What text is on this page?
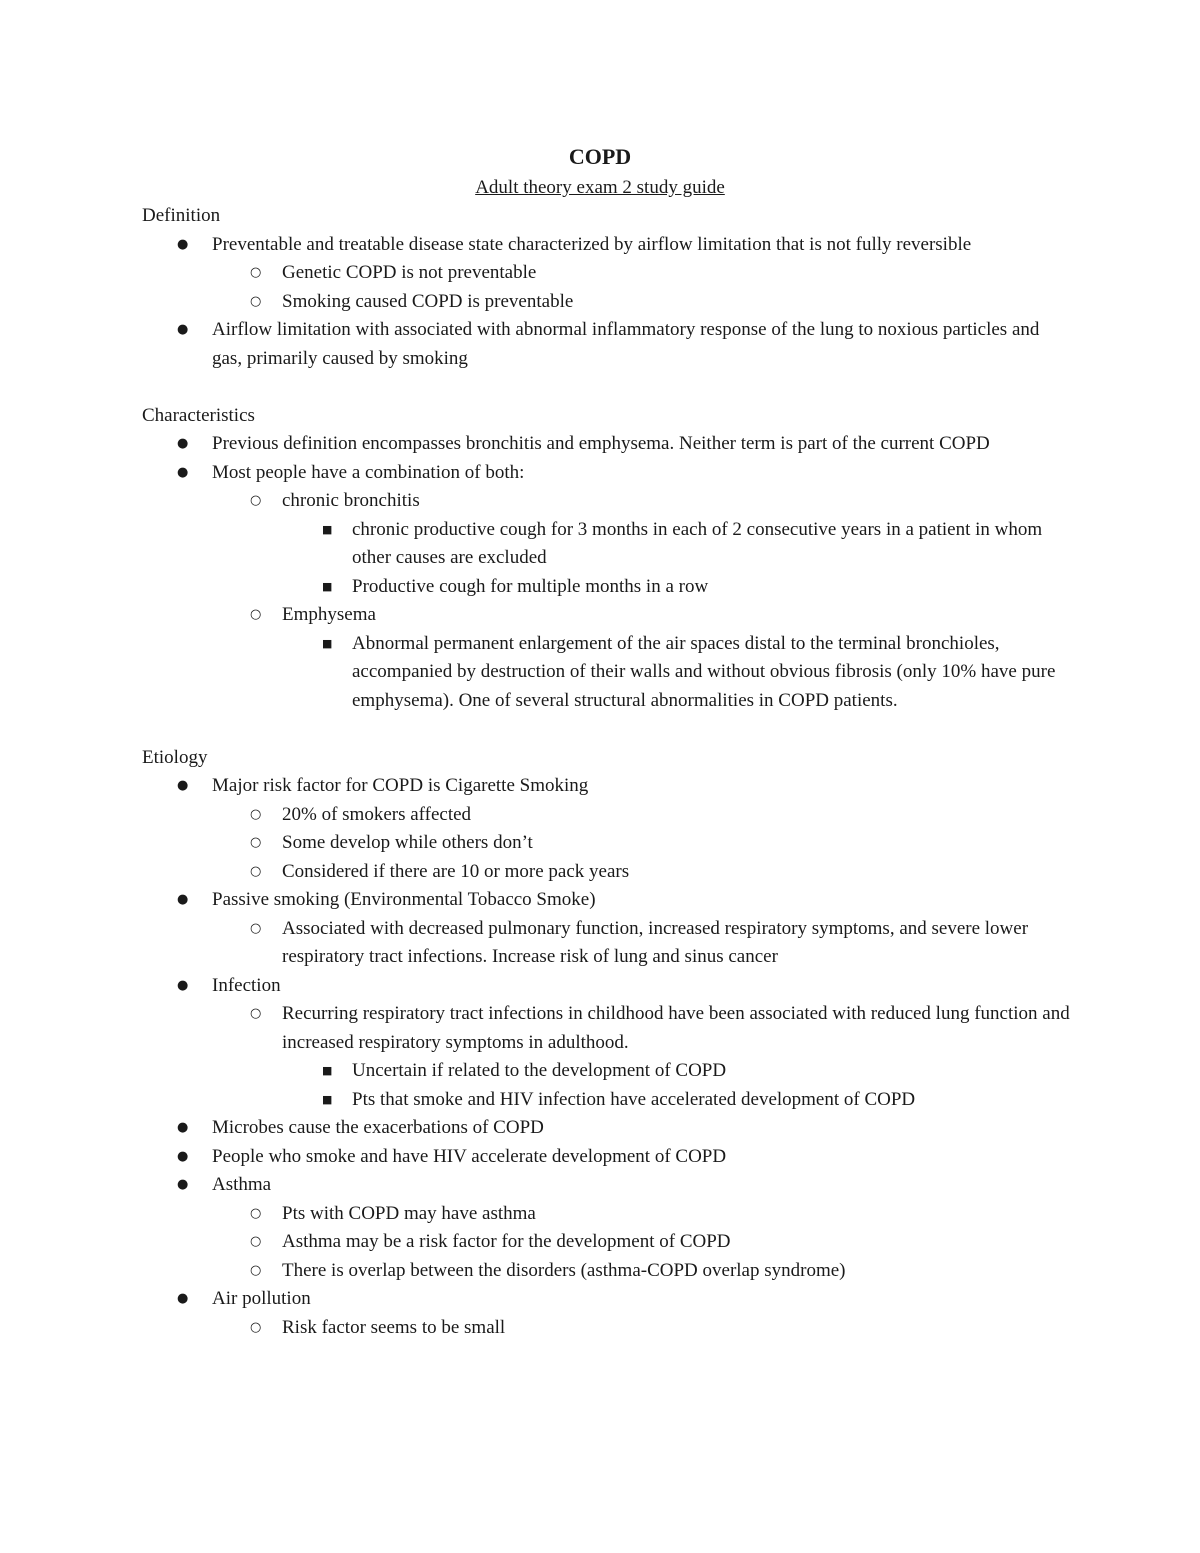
COPD
Adult theory exam 2 study guide
Definition
● Preventable and treatable disease state characterized by airflow limitation that is not fully reversible
○ Genetic COPD is not preventable
○ Smoking caused COPD is preventable
● Airflow limitation with associated with abnormal inflammatory response of the lung to noxious particles and gas, primarily caused by smoking
Characteristics
● Previous definition encompasses bronchitis and emphysema. Neither term is part of the current COPD
● Most people have a combination of both:
○ chronic bronchitis
■ chronic productive cough for 3 months in each of 2 consecutive years in a patient in whom other causes are excluded
■ Productive cough for multiple months in a row
○ Emphysema
■ Abnormal permanent enlargement of the air spaces distal to the terminal bronchioles, accompanied by destruction of their walls and without obvious fibrosis (only 10% have pure emphysema). One of several structural abnormalities in COPD patients.
Etiology
● Major risk factor for COPD is Cigarette Smoking
○ 20% of smokers affected
○ Some develop while others don’t
○ Considered if there are 10 or more pack years
● Passive smoking (Environmental Tobacco Smoke)
○ Associated with decreased pulmonary function, increased respiratory symptoms, and severe lower respiratory tract infections. Increase risk of lung and sinus cancer
● Infection
○ Recurring respiratory tract infections in childhood have been associated with reduced lung function and increased respiratory symptoms in adulthood.
■ Uncertain if related to the development of COPD
■ Pts that smoke and HIV infection have accelerated development of COPD
● Microbes cause the exacerbations of COPD
● People who smoke and have HIV accelerate development of COPD
● Asthma
○ Pts with COPD may have asthma
○ Asthma may be a risk factor for the development of COPD
○ There is overlap between the disorders (asthma-COPD overlap syndrome)
● Air pollution
○ Risk factor seems to be small
